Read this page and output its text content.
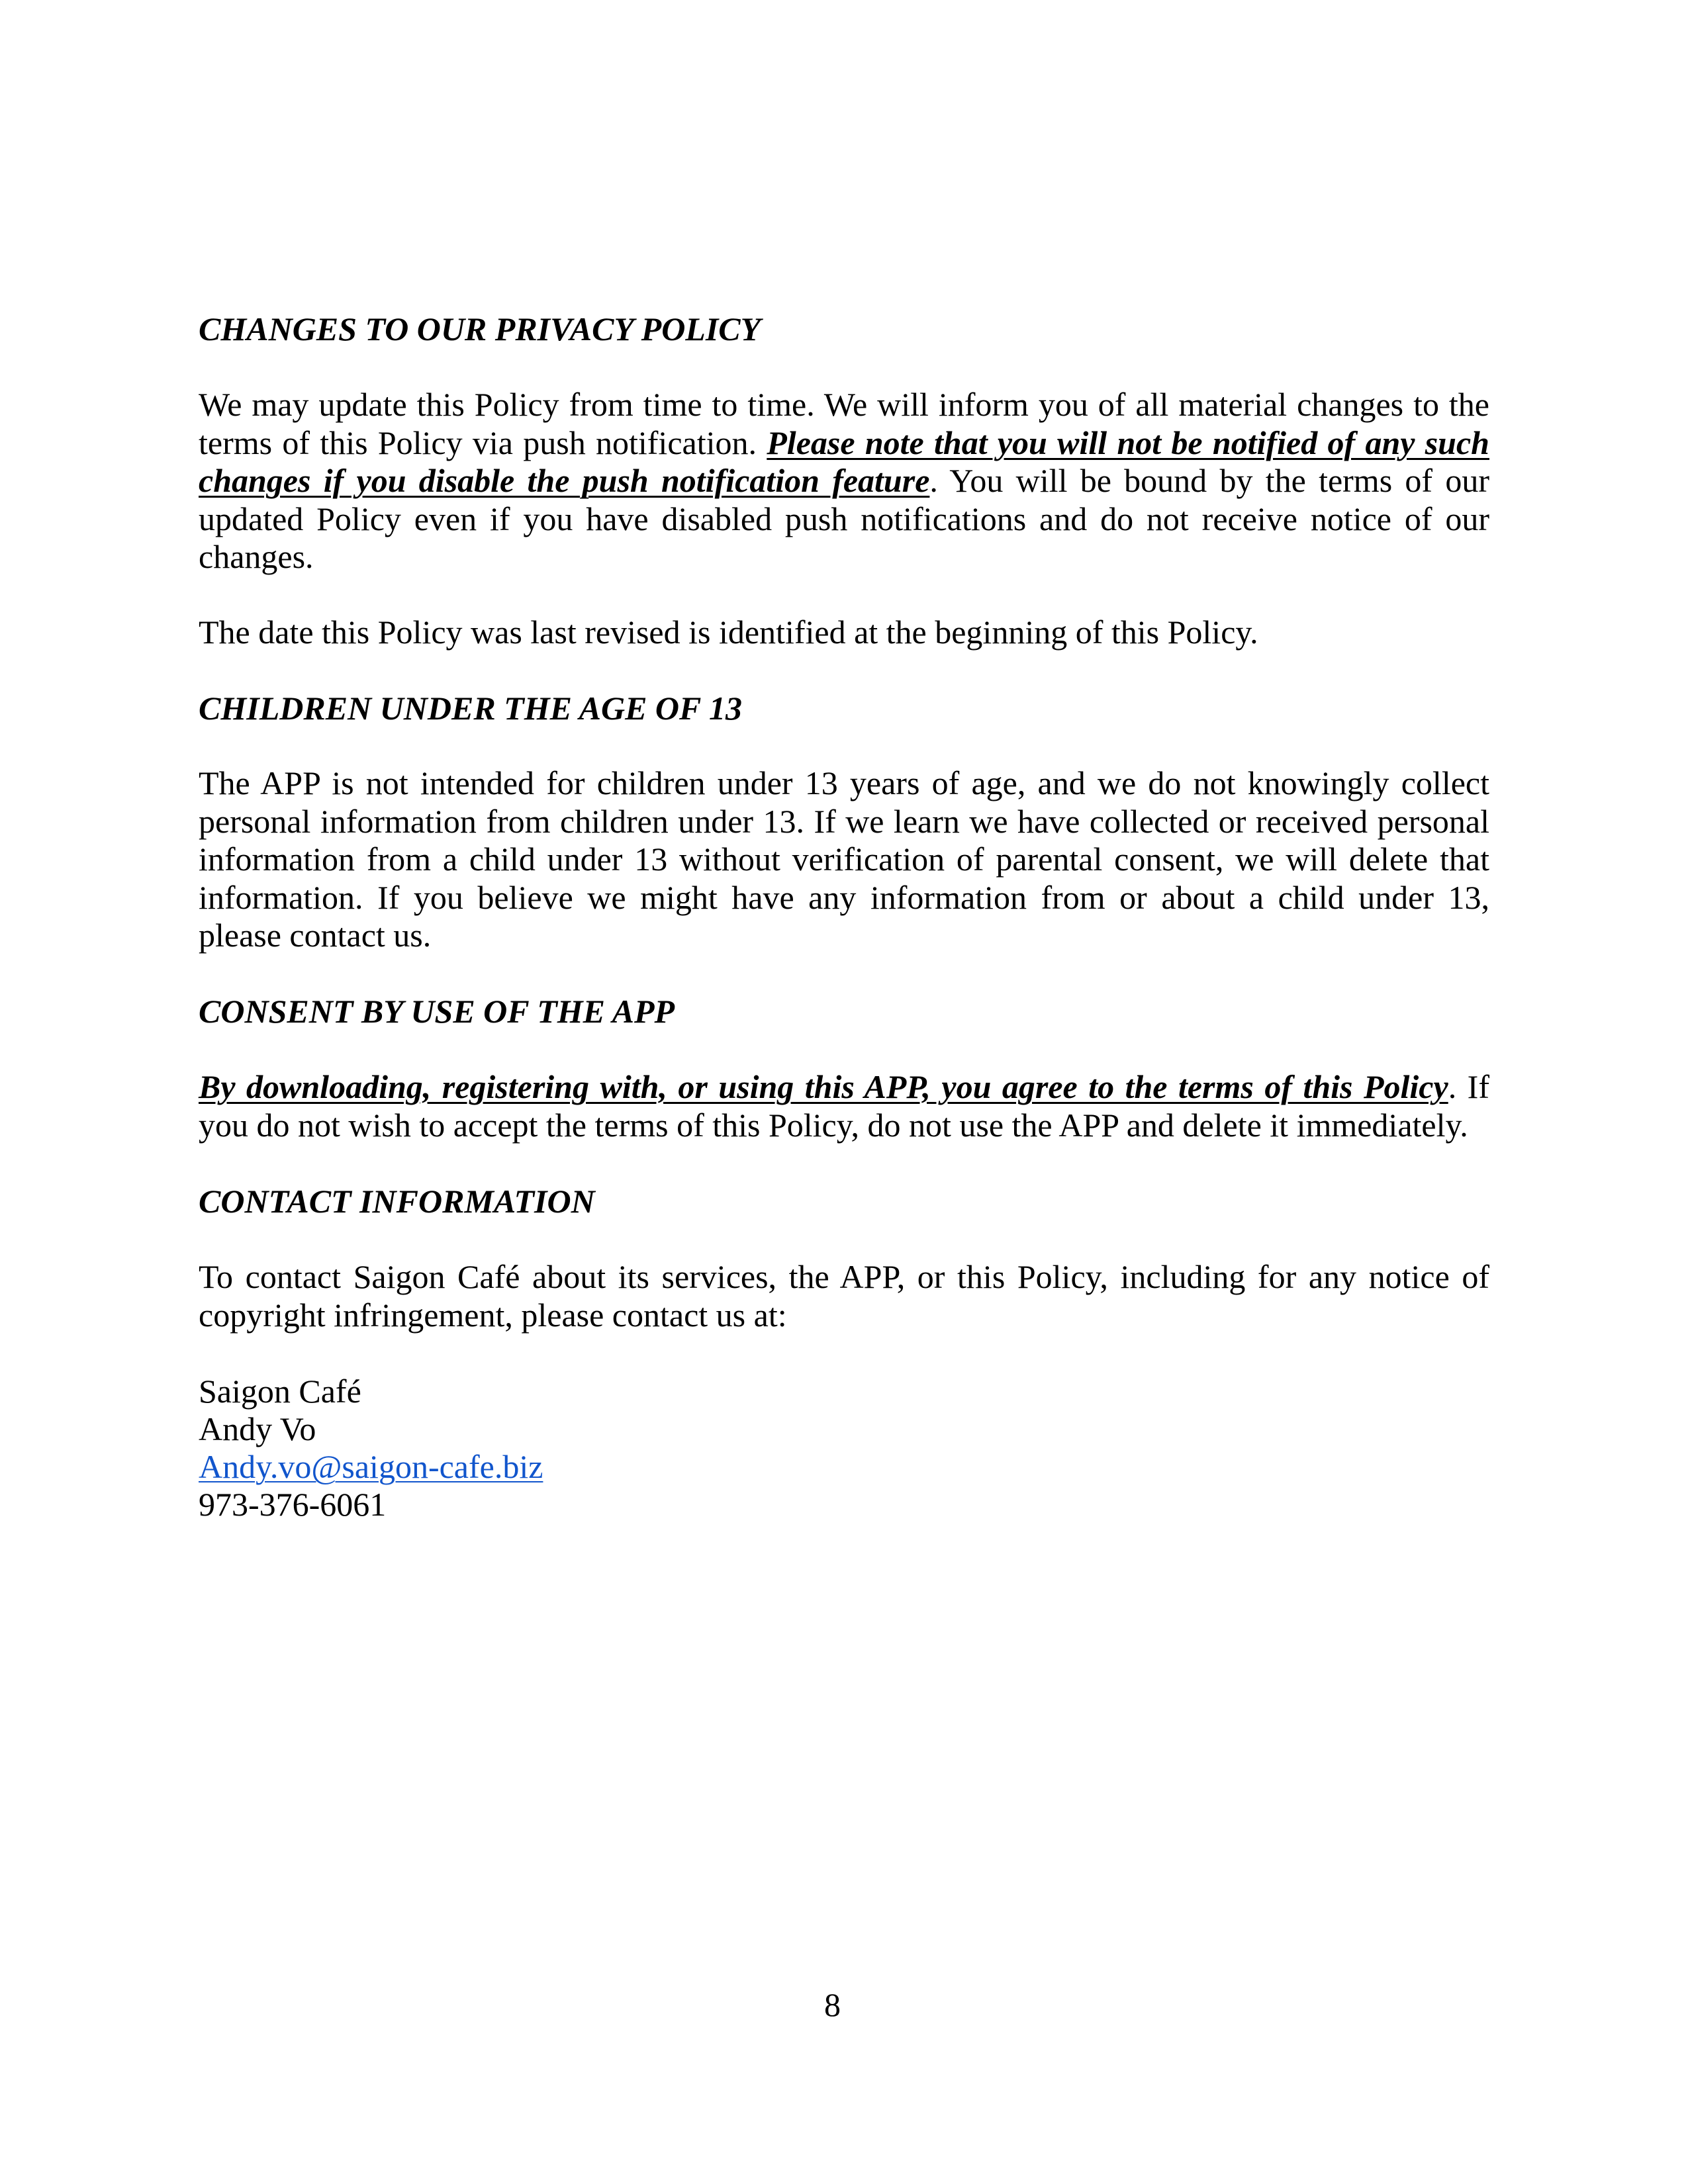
CHANGES TO OUR PRIVACY POLICY

We may update this Policy from time to time. We will inform you of all material changes to the terms of this Policy via push notification. Please note that you will not be notified of any such changes if you disable the push notification feature. You will be bound by the terms of our updated Policy even if you have disabled push notifications and do not receive notice of our changes.

The date this Policy was last revised is identified at the beginning of this Policy.

CHILDREN UNDER THE AGE OF 13

The APP is not intended for children under 13 years of age, and we do not knowingly collect personal information from children under 13. If we learn we have collected or received personal information from a child under 13 without verification of parental consent, we will delete that information. If you believe we might have any information from or about a child under 13, please contact us.

CONSENT BY USE OF THE APP

By downloading, registering with, or using this APP, you agree to the terms of this Policy. If you do not wish to accept the terms of this Policy, do not use the APP and delete it immediately.

CONTACT INFORMATION

To contact Saigon Café about its services, the APP, or this Policy, including for any notice of copyright infringement, please contact us at:

Saigon Café

Andy Vo

Andy.vo@saigon-cafe.biz

973-376-6061

8
